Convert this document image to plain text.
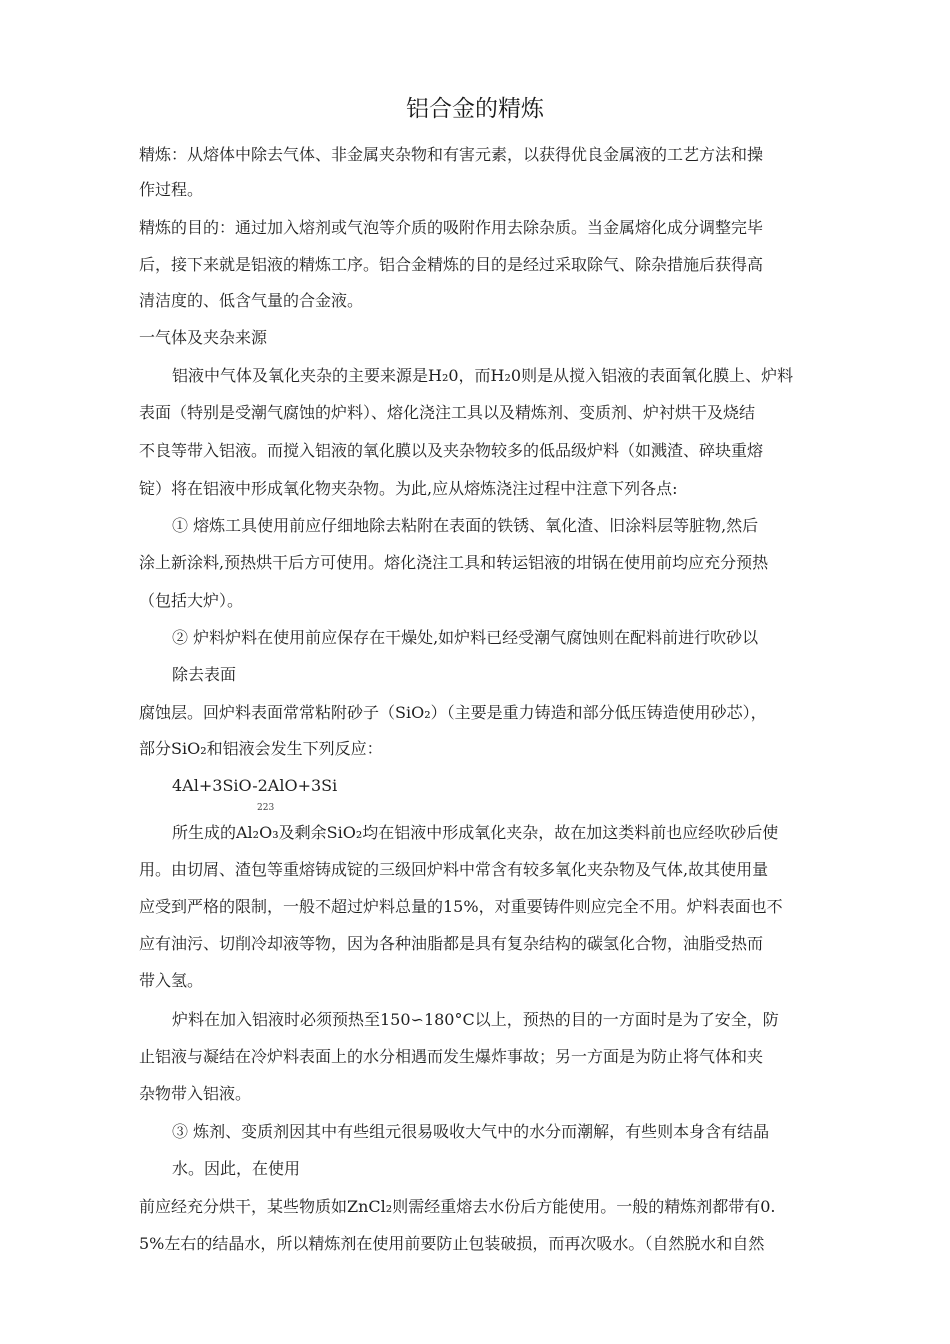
铝合金的精炼
精炼：从熔体中除去气体、非金属夹杂物和有害元素，以获得优良金属液的工艺方法和操
作过程。
精炼的目的：通过加入熔剂或气泡等介质的吸附作用去除杂质。当金属熔化成分调整完毕
后，接下来就是铝液的精炼工序。铝合金精炼的目的是经过采取除气、除杂措施后获得高
清洁度的、低含气量的合金液。
一气体及夹杂来源
铝液中气体及氧化夹杂的主要来源是H₂0，而H₂0则是从搅入铝液的表面氧化膜上、炉料
表面（特别是受潮气腐蚀的炉料）、熔化浇注工具以及精炼剂、变质剂、炉衬烘干及烧结
不良等带入铝液。而搅入铝液的氧化膜以及夹杂物较多的低品级炉料（如溅渣、碎块重熔
锭）将在铝液中形成氧化物夹杂物。为此,应从熔炼浇注过程中注意下列各点:
① 熔炼工具使用前应仔细地除去粘附在表面的铁锈、氧化渣、旧涂料层等脏物,然后
涂上新涂料,预热烘干后方可使用。熔化浇注工具和转运铝液的坩锅在使用前均应充分预热
（包括大炉）。
② 炉料炉料在使用前应保存在干燥处,如炉料已经受潮气腐蚀则在配料前进行吹砂以
除去表面
腐蚀层。回炉料表面常常粘附砂子（SiO₂）（主要是重力铸造和部分低压铸造使用砂芯），
部分SiO₂和铝液会发生下列反应：
4Al+3SiO-2AlO+3Si
223
所生成的Al₂O₃及剩余SiO₂均在铝液中形成氧化夹杂，故在加这类料前也应经吹砂后使
用。由切屑、渣包等重熔铸成锭的三级回炉料中常含有较多氧化夹杂物及气体,故其使用量
应受到严格的限制，一般不超过炉料总量的15%，对重要铸件则应完全不用。炉料表面也不
应有油污、切削冷却液等物，因为各种油脂都是具有复杂结构的碳氢化合物，油脂受热而
带入氢。
炉料在加入铝液时必须预热至150∽180°C以上，预热的目的一方面时是为了安全，防
止铝液与凝结在冷炉料表面上的水分相遇而发生爆炸事故；另一方面是为防止将气体和夹
杂物带入铝液。
③ 炼剂、变质剂因其中有些组元很易吸收大气中的水分而潮解，有些则本身含有结晶
水。因此，在使用
前应经充分烘干，某些物质如ZnCl₂则需经重熔去水份后方能使用。一般的精炼剂都带有0.
5%左右的结晶水，所以精炼剂在使用前要防止包装破损，而再次吸水。（自然脱水和自然
